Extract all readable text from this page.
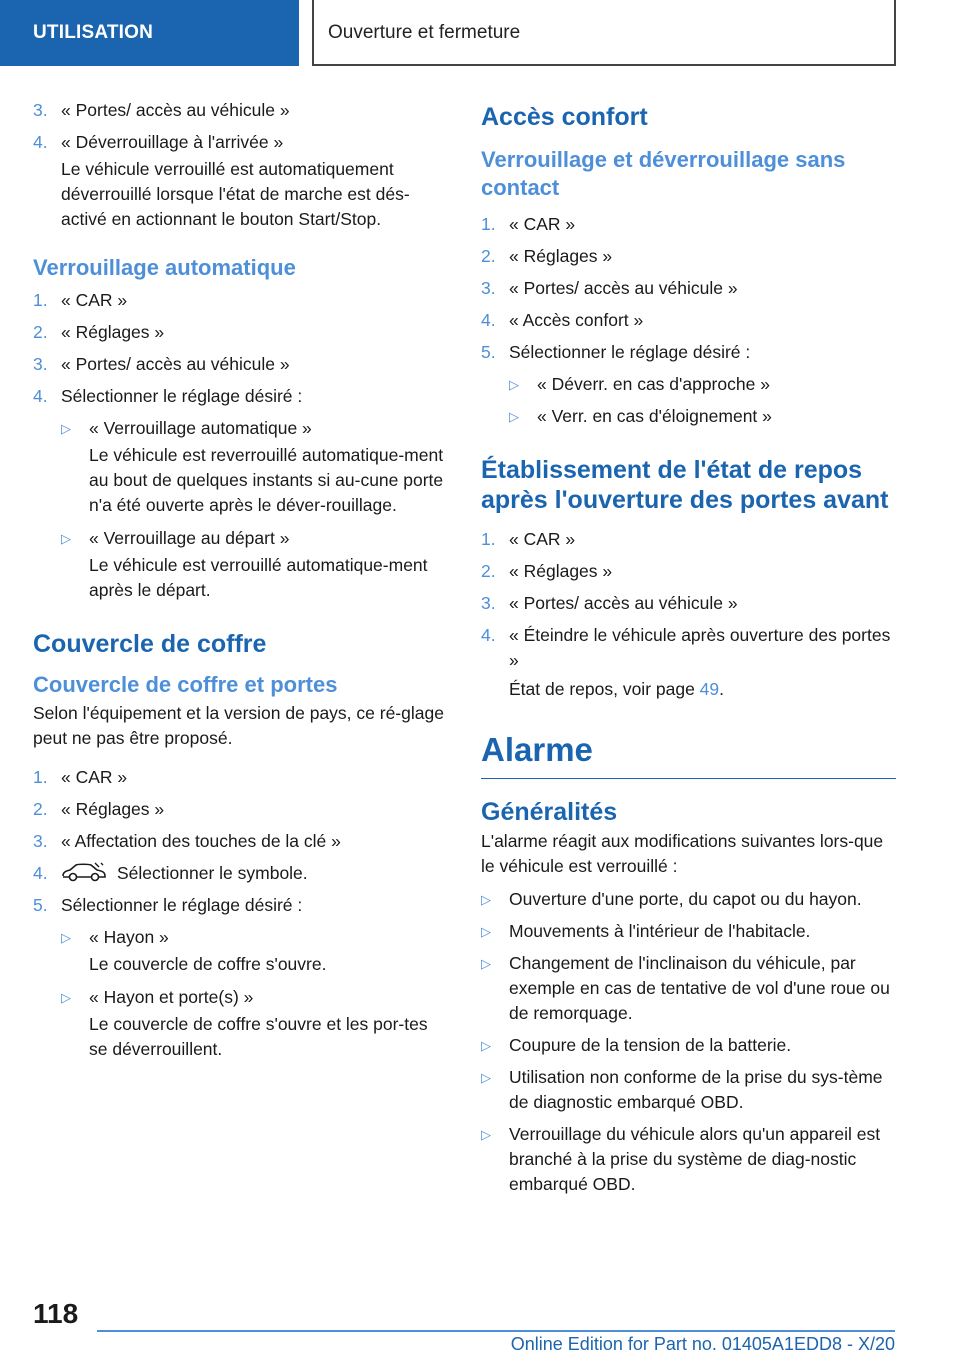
UTILISATION	Ouverture et fermeture
3. « Portes/ accès au véhicule »
4. « Déverrouillage à l'arrivée »
Le véhicule verrouillé est automatiquement déverrouillé lorsque l'état de marche est dés-activé en actionnant le bouton Start/Stop.
Verrouillage automatique
1. « CAR »
2. « Réglages »
3. « Portes/ accès au véhicule »
4. Sélectionner le réglage désiré :
▷	« Verrouillage automatique »
Le véhicule est reverrouillé automatique-ment au bout de quelques instants si au-cune porte n'a été ouverte après le déver-rouillage.
▷	« Verrouillage au départ »
Le véhicule est verrouillé automatique-ment après le départ.
Couvercle de coffre
Couvercle de coffre et portes
Selon l'équipement et la version de pays, ce ré-glage peut ne pas être proposé.
1. « CAR »
2. « Réglages »
3. « Affectation des touches de la clé »
4.	Sélectionner le symbole.
5. Sélectionner le réglage désiré :
▷	« Hayon »
Le couvercle de coffre s'ouvre.
▷	« Hayon et porte(s) »
Le couvercle de coffre s'ouvre et les por-tes se déverrouillent.
Accès confort
Verrouillage et déverrouillage sans contact
1. « CAR »
2. « Réglages »
3. « Portes/ accès au véhicule »
4. « Accès confort »
5. Sélectionner le réglage désiré :
▷	« Déverr. en cas d'approche »
▷	« Verr. en cas d'éloignement »
Établissement de l'état de repos après l'ouverture des portes avant
1. « CAR »
2. « Réglages »
3. « Portes/ accès au véhicule »
4. « Éteindre le véhicule après ouverture des portes »
État de repos, voir page 49.
Alarme
Généralités
L'alarme réagit aux modifications suivantes lors-que le véhicule est verrouillé :
▷	Ouverture d'une porte, du capot ou du hayon.
▷	Mouvements à l'intérieur de l'habitacle.
▷	Changement de l'inclinaison du véhicule, par exemple en cas de tentative de vol d'une roue ou de remorquage.
▷	Coupure de la tension de la batterie.
▷	Utilisation non conforme de la prise du sys-tème de diagnostic embarqué OBD.
▷	Verrouillage du véhicule alors qu'un appareil est branché à la prise du système de diag-nostic embarqué OBD.
118
Online Edition for Part no. 01405A1EDD8 - X/20
